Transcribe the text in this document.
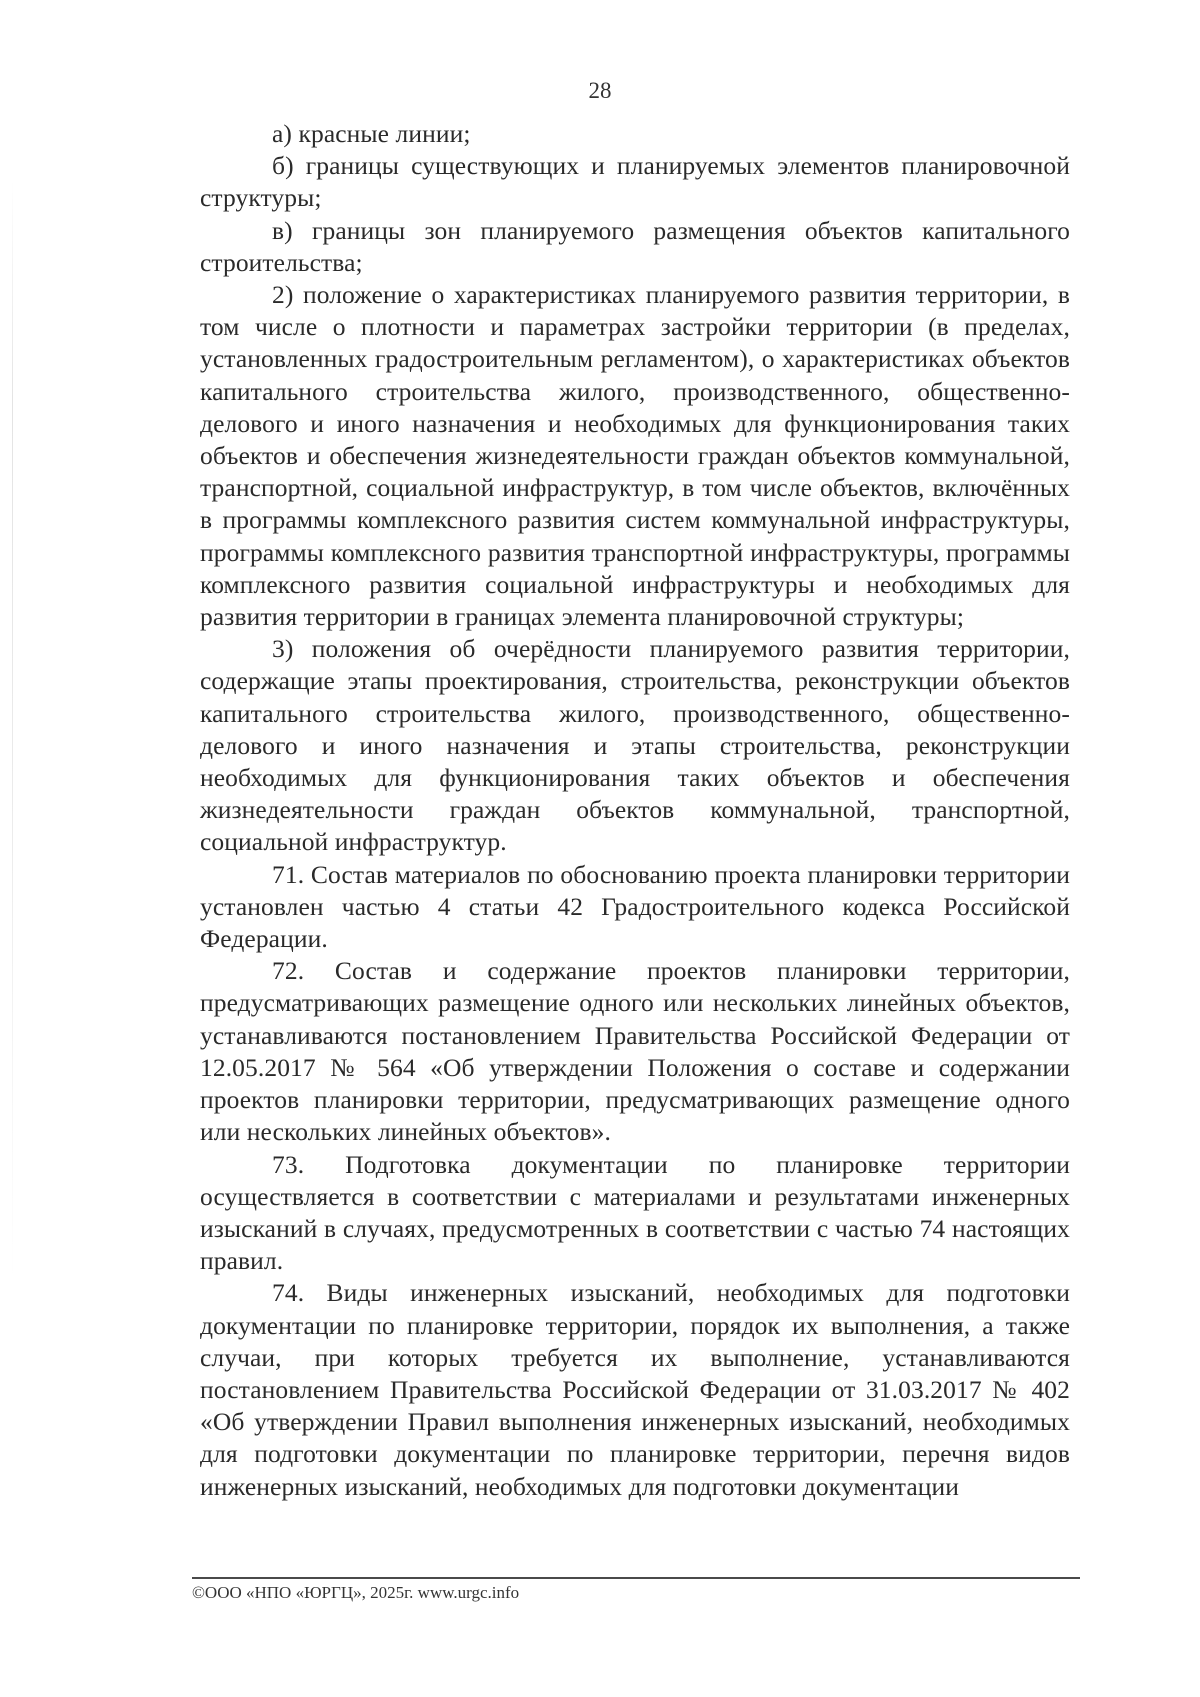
28

а) красные линии;

б) границы существующих и планируемых элементов планировочной структуры;

в) границы зон планируемого размещения объектов капитального строительства;

2) положение о характеристиках планируемого развития территории, в том числе о плотности и параметрах застройки территории (в пределах, установленных градостроительным регламентом), о характеристиках объектов капитального строительства жилого, производственного, общественно-делового и иного назначения и необходимых для функционирования таких объектов и обеспечения жизнедеятельности граждан объектов коммунальной, транспортной, социальной инфраструктур, в том числе объектов, включённых в программы комплексного развития систем коммунальной инфраструктуры, программы комплексного развития транспортной инфраструктуры, программы комплексного развития социальной инфраструктуры и необходимых для развития территории в границах элемента планировочной структуры;

3) положения об очерёдности планируемого развития территории, содержащие этапы проектирования, строительства, реконструкции объектов капитального строительства жилого, производственного, общественно-делового и иного назначения и этапы строительства, реконструкции необходимых для функционирования таких объектов и обеспечения жизнедеятельности граждан объектов коммунальной, транспортной, социальной инфраструктур.

71. Состав материалов по обоснованию проекта планировки территории установлен частью 4 статьи 42 Градостроительного кодекса Российской Федерации.

72. Состав и содержание проектов планировки территории, предусматривающих размещение одного или нескольких линейных объектов, устанавливаются постановлением Правительства Российской Федерации от 12.05.2017 № 564 «Об утверждении Положения о составе и содержании проектов планировки территории, предусматривающих размещение одного или нескольких линейных объектов».

73. Подготовка документации по планировке территории осуществляется в соответствии с материалами и результатами инженерных изысканий в случаях, предусмотренных в соответствии с частью 74 настоящих правил.

74. Виды инженерных изысканий, необходимых для подготовки документации по планировке территории, порядок их выполнения, а также случаи, при которых требуется их выполнение, устанавливаются постановлением Правительства Российской Федерации от 31.03.2017 № 402 «Об утверждении Правил выполнения инженерных изысканий, необходимых для подготовки документации по планировке территории, перечня видов инженерных изысканий, необходимых для подготовки документации

©ООО «НПО «ЮРГЦ», 2025г. www.urgc.info
